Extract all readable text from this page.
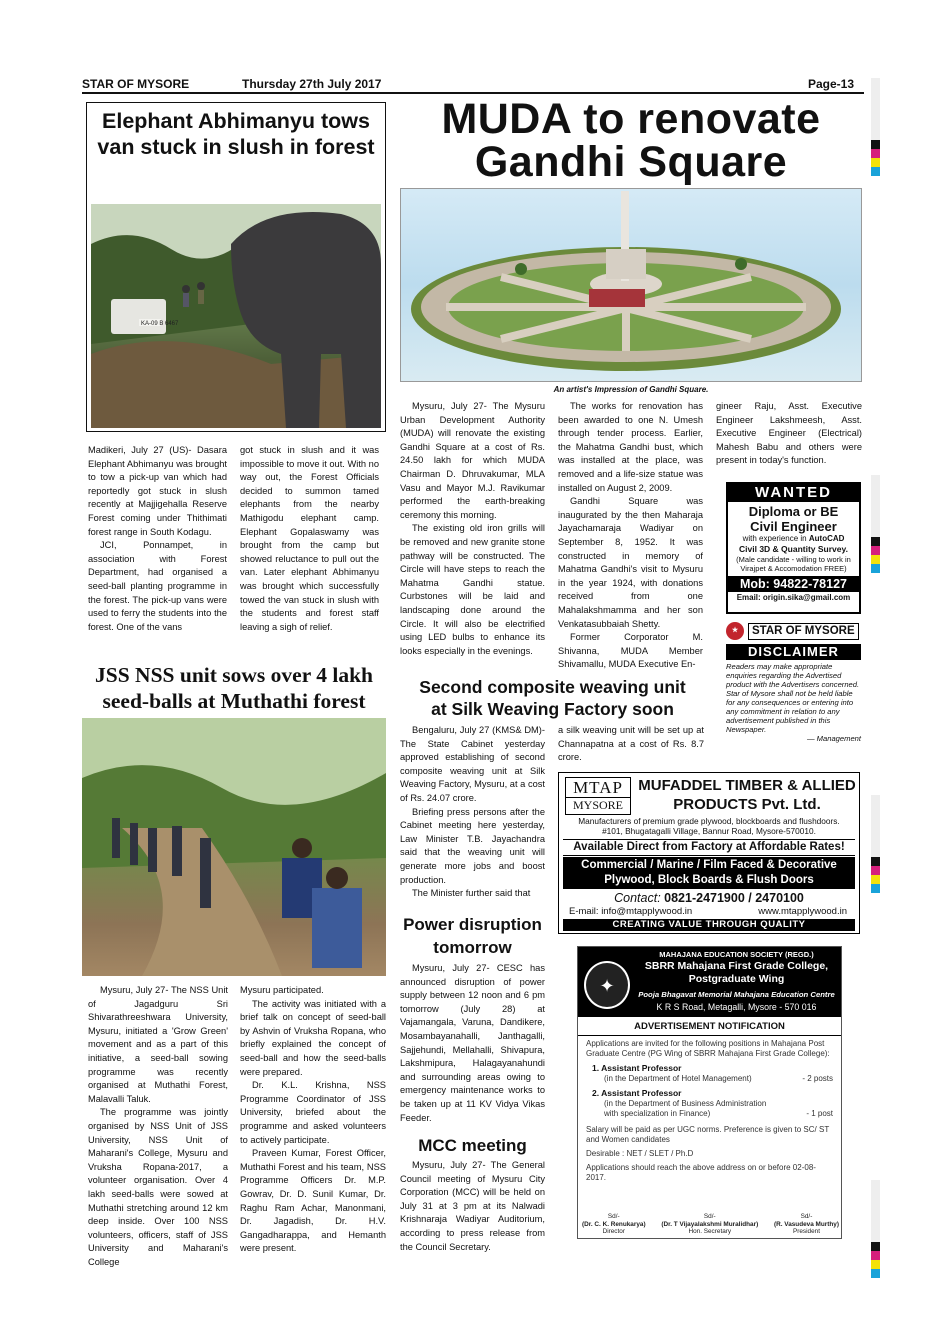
STAR OF MYSORE	Thursday 27th July 2017	Page-13
Elephant Abhimanyu tows van stuck in slush in forest
KA-09 B 6467

Madikeri, July 27 (US)- Dasara Elephant Abhimanyu was brought to tow a pick-up van which had reportedly got stuck in slush recently at Majjigehalla Reserve Forest coming under Thithimati forest range in South Kodagu.

JCI, Ponnampet, in association with Forest Department, had organised a seed-ball planting programme in the forest. The pick-up vans were used to ferry the students into the forest. One of the vans

got stuck in slush and it was impossible to move it out. With no way out, the Forest Officials decided to summon tamed elephants from the nearby Mathigodu elephant camp. Elephant Gopalaswamy was brought from the camp but showed reluctance to pull out the van. Later elephant Abhimanyu was brought which successfully towed the van stuck in slush with the students and forest staff leaving a sigh of relief.

MUDA to renovate
Gandhi Square
An artist's Impression of Gandhi Square.

Mysuru, July 27- The Mysuru Urban Development Authority (MUDA) will renovate the existing Gandhi Square at a cost of Rs. 24.50 lakh for which MUDA Chairman D. Dhruvakumar, MLA Vasu and Mayor M.J. Ravikumar performed the earth-breaking ceremony this morning.

The existing old iron grills will be removed and new granite stone pathway will be constructed. The Circle will have steps to reach the Mahatma Gandhi statue. Curbstones will be laid and landscaping done around the Circle. It will also be electrified using LED bulbs to enhance its looks especially in the evenings.

The works for renovation has been awarded to one N. Umesh through tender process. Earlier, the Mahatma Gandhi bust, which was installed at the place, was removed and a life-size statue was installed on August 2, 2009.

Gandhi Square was inaugurated by the then Maharaja Jayachamaraja Wadiyar on September 8, 1952. It was constructed in memory of Mahatma Gandhi's visit to Mysuru in the year 1924, with donations received from one Mahalakshmamma and her son Venkatasubbaiah Shetty.

Former Corporator M. Shivanna, MUDA Member Shivamallu, MUDA Executive En-

gineer Raju, Asst. Executive Engineer Lakshmeesh, Asst. Executive Engineer (Electrical) Mahesh Babu and others were present in today's function.

WANTED
Diploma or BE
Civil Engineer
with experience in AutoCAD
Civil 3D & Quantity Survey.
(Male candidate - willing to work in Virajpet & Accomodation FREE)
Mob: 94822-78127
Email: origin.sika@gmail.com
★	STAR OF MYSORE
DISCLAIMER
Readers may make appropriate enquiries regarding the Advertised product with the Advertisers concerned. Star of Mysore shall not be held liable for any consequences or entering into any commitment in relation to any advertisement published in this Newspaper.
— Management
JSS NSS unit sows over 4 lakh
seed-balls at Muthathi forest

Mysuru, July 27- The NSS Unit of Jagadguru Sri Shivarathreeshwara University, Mysuru, initiated a 'Grow Green' movement and as a part of this initiative, a seed-ball sowing programme was recently organised at Muthathi Forest, Malavalli Taluk.

The programme was jointly organised by NSS Unit of JSS University, NSS Unit of Maharani's College, Mysuru and Vruksha Ropana-2017, a volunteer organisation. Over 4 lakh seed-balls were sowed at Muthathi stretching around 12 km deep inside. Over 100 NSS volunteers, officers, staff of JSS University and Maharani's College

Mysuru participated.

The activity was initiated with a brief talk on concept of seed-ball by Ashvin of Vruksha Ropana, who briefly explained the concept of seed-ball and how the seed-balls were prepared.

Dr. K.L. Krishna, NSS Programme Coordinator of JSS University, briefed about the programme and asked volunteers to actively participate.

Praveen Kumar, Forest Officer, Muthathi Forest and his team, NSS Programme Officers Dr. M.P. Gowrav, Dr. D. Sunil Kumar, Dr. Raghu Ram Achar, Manonmani, Dr. Jagadish, Dr. H.V. Gangadharappa, and Hemanth were present.

Second composite weaving unit
at Silk Weaving Factory soon

Bengaluru, July 27 (KMS& DM)- The State Cabinet yesterday approved establishing of second composite weaving unit at Silk Weaving Factory, Mysuru, at a cost of Rs. 24.07 crore.

Briefing press persons after the Cabinet meeting here yesterday, Law Minister T.B. Jayachandra said that the weaving unit will generate more jobs and boost production.

The Minister further said that

a silk weaving unit will be set up at Channapatna at a cost of Rs. 8.7 crore.

Power disruption
tomorrow

Mysuru, July 27- CESC has announced disruption of power supply between 12 noon and 6 pm tomorrow (July 28) at Vajamangala, Varuna, Dandikere, Mosambayanahalli, Janthagalli, Sajjehundi, Mellahalli, Shivapura, Lakshmipura, Halagayanahundi and surrounding areas owing to emergency maintenance works to be taken up at 11 KV Vidya Vikas Feeder.

MCC meeting

Mysuru, July 27- The General Council meeting of Mysuru City Corporation (MCC) will be held on July 31 at 3 pm at its Nalwadi Krishnaraja Wadiyar Auditorium, according to press release from the Council Secretary.

MTAP
MYSORE
MUFADDEL TIMBER & ALLIED
PRODUCTS Pvt. Ltd.
Manufacturers of premium grade plywood, blockboards and flushdoors.
#101, Bhugatagalli Village, Bannur Road, Mysore-570010.
Available Direct from Factory at Affordable Rates!
Commercial / Marine / Film Faced & Decorative
Plywood, Block Boards & Flush Doors
Contact: 0821-2471900 / 2470100
E-mail: info@mtapplywood.in	www.mtapplywood.in
CREATING VALUE THROUGH QUALITY
✦
MAHAJANA EDUCATION SOCIETY (REGD.)
SBRR Mahajana First Grade College,
Postgraduate Wing
Pooja Bhagavat Memorial Mahajana Education Centre
K R S Road, Metagalli, Mysore - 570 016
ADVERTISEMENT NOTIFICATION
Applications are invited for the following positions in Mahajana Post Graduate Centre (PG Wing of SBRR Mahajana First Grade College):
1. Assistant Professor
(in the Department of Hotel Management)	- 2 posts
2. Assistant Professor
(in the Department of Business Administration
with specialization in Finance)	- 1 post
Salary will be paid as per UGC norms. Preference is given to SC/ ST and Women candidates
Desirable : NET / SLET / Ph.D
Applications should reach the above address on or before 02-08-2017.
Sd/-
(Dr. C. K. Renukarya)
Director
Sd/-
(Dr. T Vijayalakshmi Muralidhar)
Hon. Secretary
Sd/-
(R. Vasudeva Murthy)
President
